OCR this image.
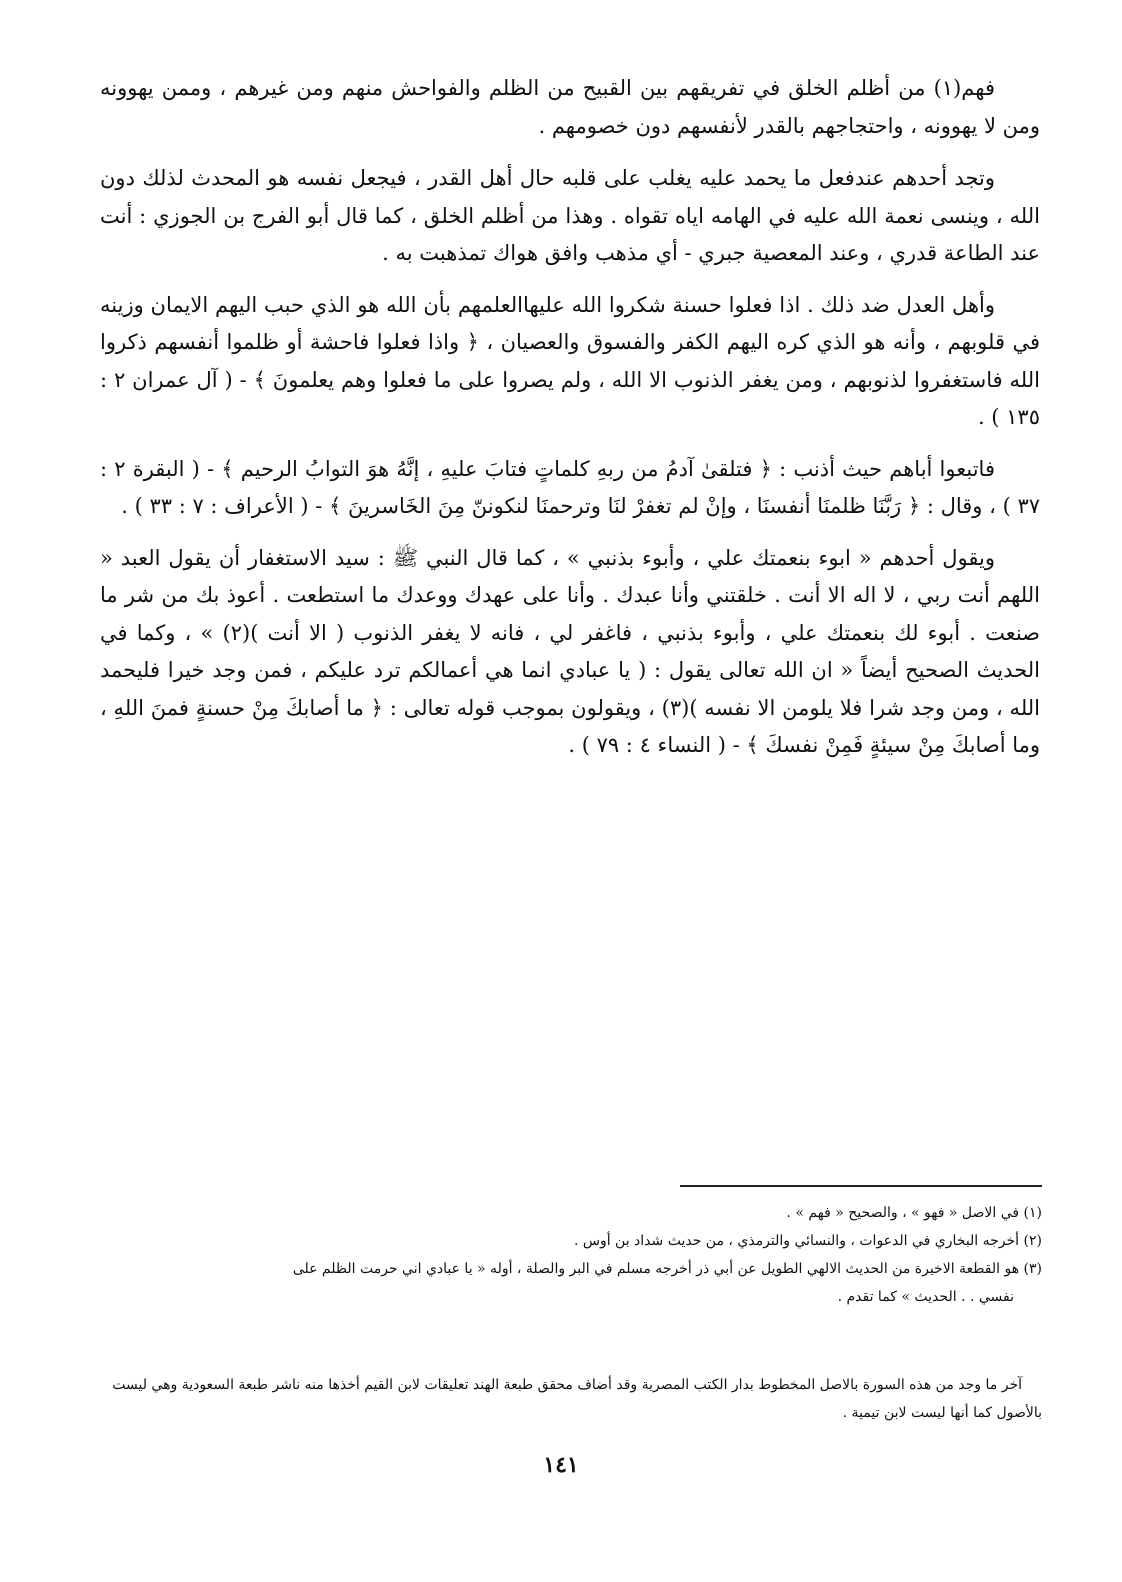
فهم(١) من أظلم الخلق في تفريقهم بين القبيح من الظلم والفواحش منهم ومن غيرهم ، وممن يهوونه ومن لا يهوونه ، واحتجاجهم بالقدر لأنفسهم دون خصومهم .

وتجد أحدهم عندفعل ما يحمد عليه يغلب على قلبه حال أهل القدر ، فيجعل نفسه هو المحدث لذلك دون الله ، وينسى نعمة الله عليه في الهامه اياه تقواه . وهذا من أظلم الخلق ، كما قال أبو الفرج بن الجوزي : أنت عند الطاعة قدري ، وعند المعصية جبري - أي مذهب وافق هواك تمذهبت به .

وأهل العدل ضد ذلك . اذا فعلوا حسنة شكروا الله عليهاالعلمهم بأن الله هو الذي حبب اليهم الايمان وزينه في قلوبهم ، وأنه هو الذي كره اليهم الكفر والفسوق والعصيان ، ﴿ واذا فعلوا فاحشة أو ظلموا أنفسهم ذكروا الله فاستغفروا لذنوبهم ، ومن يغفر الذنوب الا الله ، ولم يصروا على ما فعلوا وهم يعلمونَ ﴾ - ( آل عمران ٢ : ١٣٥ ) .

فاتبعوا أباهم حيث أذنب : ﴿ فتلقىٰ آدمُ من ربهِ كلماتٍ فتابَ عليهِ ، إنَّهُ هوَ التوابُ الرحيم ﴾ - ( البقرة ٢ : ٣٧ ) ، وقال : ﴿ رَبَّنَا ظلمنَا أنفسنَا ، وإنْ لم تغفرْ لنَا وترحمنَا لنكوننّ مِنَ الخَاسرينَ ﴾ - ( الأعراف : ٧ : ٣٣ ) .

ويقول أحدهم « ابوء بنعمتك علي ، وأبوء بذنبي » ، كما قال النبي ﷺ : سيد الاستغفار أن يقول العبد « اللهم أنت ربي ، لا اله الا أنت . خلقتني وأنا عبدك . وأنا على عهدك ووعدك ما استطعت . أعوذ بك من شر ما صنعت . أبوء لك بنعمتك علي ، وأبوء بذنبي ، فاغفر لي ، فانه لا يغفر الذنوب ( الا أنت )(٢) » ، وكما في الحديث الصحيح أيضاً « ان الله تعالى يقول : ( يا عبادي انما هي أعمالكم ترد عليكم ، فمن وجد خيرا فليحمد الله ، ومن وجد شرا فلا يلومن الا نفسه )(٣) ، ويقولون بموجب قوله تعالى : ﴿ ما أصابكَ مِنْ حسنةٍ فمنَ اللهِ ، وما أصابكَ مِنْ سيئةٍ فَمِنْ نفسكَ ﴾ - ( النساء ٤ : ٧٩ ) .

(١) في الاصل « فهو » ، والصحيح « فهم » .

(٢) أخرجه البخاري في الدعوات ، والنسائي والترمذي ، من حديث شداد بن أوس .

(٣) هو القطعة الاخيرة من الحديث الالهي الطويل عن أبي ذر أخرجه مسلم في البر والصلة ، أوله « يا عبادي اني حرمت الظلم على

نفسي . . الحديث » كما تقدم .

آخر ما وجد من هذه السورة بالاصل المخطوط بدار الكتب المصرية وقد أضاف محقق طبعة الهند تعليقات لابن القيم أخذها منه ناشر طبعة السعودية وهي ليست بالأصول كما أنها ليست لابن تيمية .

١٤١
